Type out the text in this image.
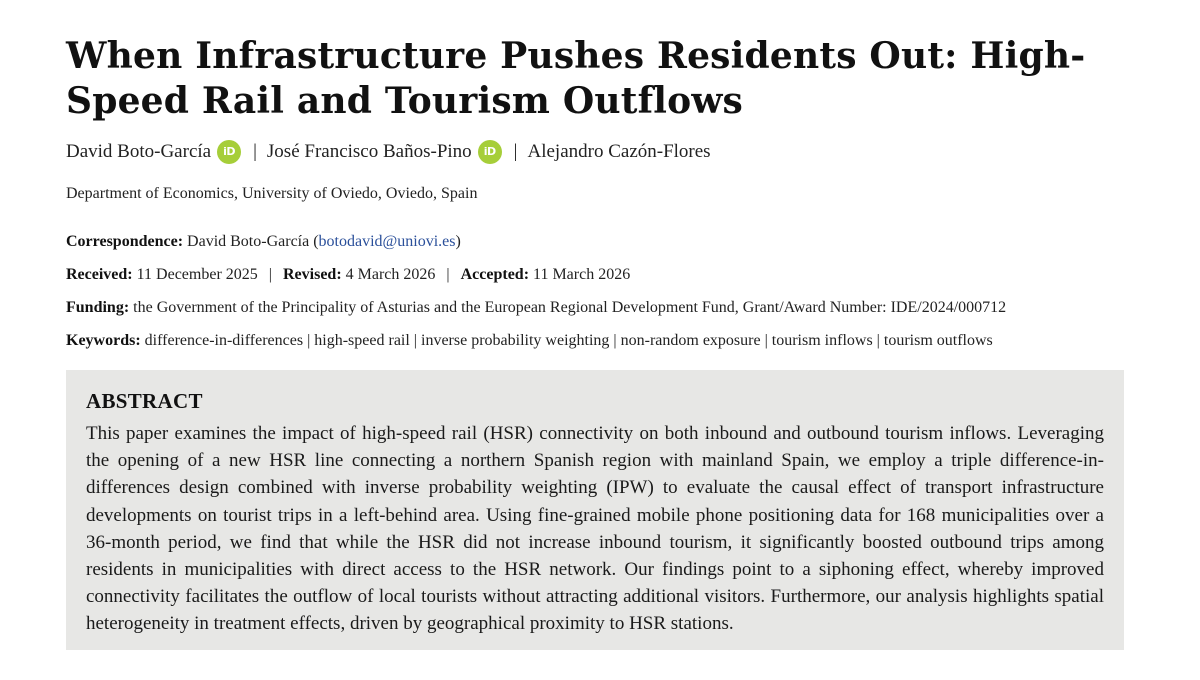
When Infrastructure Pushes Residents Out: High-Speed Rail and Tourism Outflows
David Boto-García	iD | José Francisco Baños-Pino	iD | Alejandro Cazón-Flores
Department of Economics, University of Oviedo, Oviedo, Spain
Correspondence: David Boto-García (botodavid@uniovi.es)
Received: 11 December 2025 | Revised: 4 March 2026 | Accepted: 11 March 2026
Funding: the Government of the Principality of Asturias and the European Regional Development Fund, Grant/Award Number: IDE/2024/000712
Keywords: difference-in-differences | high-speed rail | inverse probability weighting | non-random exposure | tourism inflows | tourism outflows
ABSTRACT

This paper examines the impact of high-speed rail (HSR) connectivity on both inbound and outbound tourism inflows. Leveraging the opening of a new HSR line connecting a northern Spanish region with mainland Spain, we employ a triple difference-in-differences design combined with inverse probability weighting (IPW) to evaluate the causal effect of transport infrastructure developments on tourist trips in a left-behind area. Using fine-grained mobile phone positioning data for 168 municipalities over a 36-month period, we find that while the HSR did not increase inbound tourism, it significantly boosted outbound trips among residents in municipalities with direct access to the HSR network. Our findings point to a siphoning effect, whereby improved connectivity facilitates the outflow of local tourists without attracting additional visitors. Furthermore, our analysis highlights spatial heterogeneity in treatment effects, driven by geographical proximity to HSR stations.
